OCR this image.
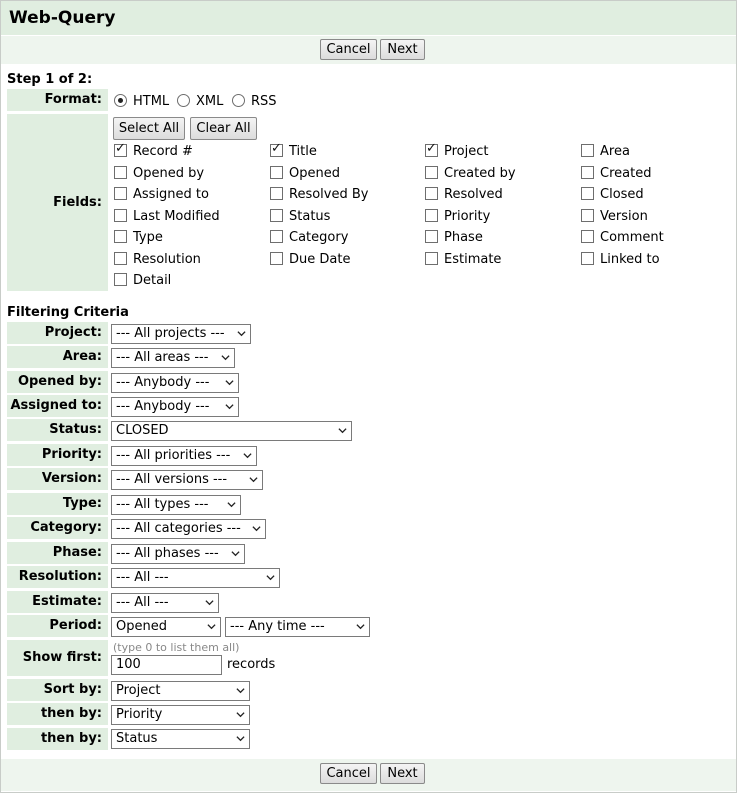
Web-Query
Cancel	Next
Step 1 of 2:
Format:	HTML XML RSS
Fields:
Select All	Clear All
✓
Record # ✓	Title ✓	Project	Area
Opened by	Opened	Created by	Created
Assigned to	Resolved By	Resolved	Closed
Last Modified	Status	Priority	Version
Type	Category	Phase	Comment
Resolution	Due Date	Estimate	Linked to
Detail
Filtering Criteria
Project:	--- All projects ---
Area:	--- All areas ---
Opened by:	--- Anybody ---
Assigned to:	--- Anybody ---
Status:	CLOSED
Priority:	--- All priorities ---
Version:	--- All versions ---
Type:	--- All types ---
Category:	--- All categories ---
Phase:	--- All phases ---
Resolution:	--- All ---
Estimate:	--- All ---
Period:	Opened	--- Any time ---
Show first:
(type 0 to list them all)
100	records
Sort by:	Project
then by:	Priority
then by:	Status
Cancel	Next
